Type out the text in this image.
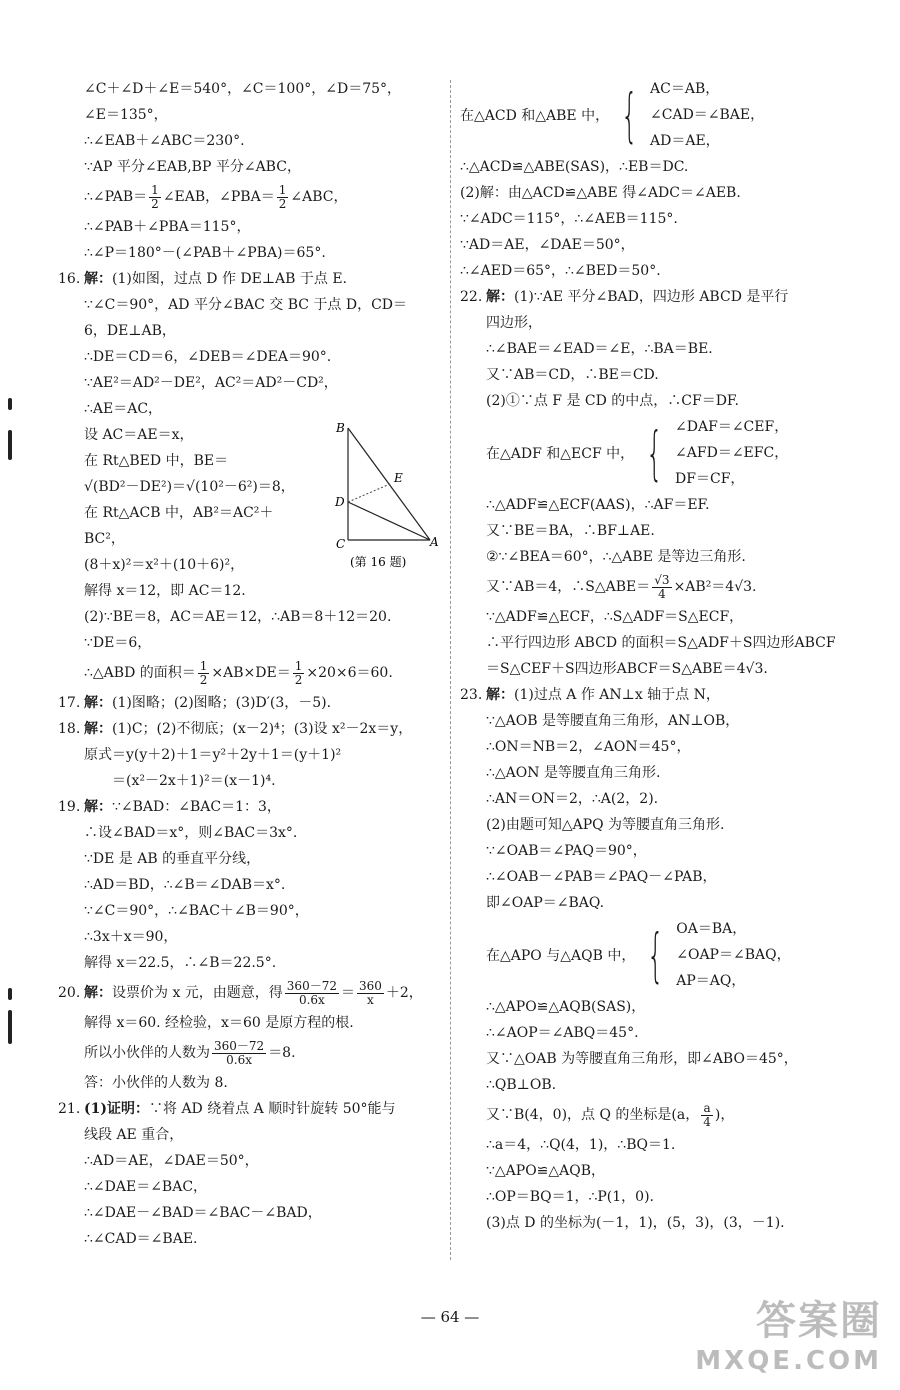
∠C＋∠D＋∠E＝540°，∠C＝100°，∠D＝75°，
∠E＝135°，
∴∠EAB＋∠ABC＝230°.
∵AP 平分∠EAB,BP 平分∠ABC，
∴∠PAB＝ $\frac{1}{2}$ ∠EAB，∠PBA＝ $\frac{1}{2}$ ∠ABC，
∴∠PAB＋∠PBA＝115°，
∴∠P＝180°－(∠PAB＋∠PBA)＝65°.
16. 解：(1)如图，过点 D 作 DE⊥AB 于点 E.
∵∠C＝90°，AD 平分∠BAC 交 BC 于点 D，CD＝
6，DE⊥AB，
∴DE＝CD＝6，∠DEB＝∠DEA＝90°.
∵AE²＝AD²－DE²，AC²＝AD²－CD²，
∴AE＝AC，
设 AC＝AE＝x，
在 Rt△BED 中，BE＝
√(BD²－DE²)＝√(10²－6²)＝8，
在 Rt△ACB 中，AB²＝AC²＋
BC²，
(8＋x)²＝x²＋(10＋6)²，
解得 x＝12，即 AC＝12.
(2)∵BE＝8，AC＝AE＝12，∴AB＝8＋12＝20.
∵DE＝6，
∴△ABD 的面积＝ $\frac{1}{2} \times AB\times DE= \frac{1}{2} \times 20\times 6=60$.
17. 解：(1)图略；(2)图略；(3)D′(3，－5).
18. 解：(1)C；(2)不彻底；(x－2)⁴；(3)设 x²－2x＝y，
原式＝y(y＋2)＋1＝y²＋2y＋1＝(y＋1)²
　　＝(x²－2x＋1)²＝(x－1)⁴.
19. 解：∵∠BAD：∠BAC＝1：3，
∴设∠BAD＝x°，则∠BAC＝3x°.
∵DE 是 AB 的垂直平分线，
∴AD＝BD，∴∠B＝∠DAB＝x°.
∵∠C＝90°，∴∠BAC＋∠B＝90°，
∴3x＋x＝90，
解得 x＝22.5，∴∠B＝22.5°.
20. 解：设票价为 x 元，由题意，得 $\frac{360-72}{0.6x} = \frac{360}{x} +2$，
解得 x＝60. 经检验，x＝60 是原方程的根.
所以小伙伴的人数为 $\frac{360-72}{0.6x} =8$.
答：小伙伴的人数为 8.
21. (1)证明：∵将 AD 绕着点 A 顺时针旋转 50°能与
线段 AE 重合，
∴AD＝AE，∠DAE＝50°，
∴∠DAE＝∠BAC，
∴∠DAE－∠BAD＝∠BAC－∠BAD，
∴∠CAD＝∠BAE.
B
E
D
C	A
(第 16 题)
在△ACD 和△ABE 中， { AC＝AB，
∠CAD＝∠BAE，
AD＝AE，
∴△ACD≌△ABE(SAS)，∴EB＝DC.
(2)解：由△ACD≌△ABE 得∠ADC＝∠AEB.
∵∠ADC＝115°，∴∠AEB＝115°.
∵AD＝AE，∠DAE＝50°，
∴∠AED＝65°，∴∠BED＝50°.
22. 解：(1)∵AE 平分∠BAD，四边形 ABCD 是平行
四边形，
∴∠BAE＝∠EAD＝∠E，∴BA＝BE.
又∵AB＝CD，∴BE＝CD.
(2)①∵点 F 是 CD 的中点，∴CF＝DF.
在△ADF 和△ECF 中， { ∠DAF＝∠CEF，
∠AFD＝∠EFC，
DF＝CF，
∴△ADF≌△ECF(AAS)，∴AF＝EF.
又∵BE＝BA，∴BF⊥AE.
②∵∠BEA＝60°，∴△ABE 是等边三角形.
又∵AB＝4，∴S△ABE＝ $\frac{√3}{4} \times AB^2=4√3$.
∵△ADF≌△ECF，∴S△ADF＝S△ECF，
∴平行四边形 ABCD 的面积＝S△ADF＋S四边形ABCF
＝S△CEF＋S四边形ABCF＝S△ABE＝4√3.
23. 解：(1)过点 A 作 AN⊥x 轴于点 N，
∵△AOB 是等腰直角三角形，AN⊥OB，
∴ON＝NB＝2，∠AON＝45°，
∴△AON 是等腰直角三角形.
∴AN＝ON＝2，∴A(2，2).
(2)由题可知△APQ 为等腰直角三角形.
∵∠OAB＝∠PAQ＝90°，
∴∠OAB－∠PAB＝∠PAQ－∠PAB，
即∠OAP＝∠BAQ.
在△APO 与△AQB 中， { OA＝BA，
∠OAP＝∠BAQ，
AP＝AQ，
∴△APO≌△AQB(SAS)，
∴∠AOP＝∠ABQ＝45°.
又∵△OAB 为等腰直角三角形，即∠ABO＝45°，
∴QB⊥OB.
又∵B(4，0)，点 Q 的坐标是(a， $\frac{a}{4}$ )，
∴a＝4，∴Q(4，1)，∴BQ＝1.
∵△APO≌△AQB，
∴OP＝BQ＝1，∴P(1，0).
(3)点 D 的坐标为(－1，1)，(5，3)，(3，－1).
— 64 —	答案圈
MXQE.COM
